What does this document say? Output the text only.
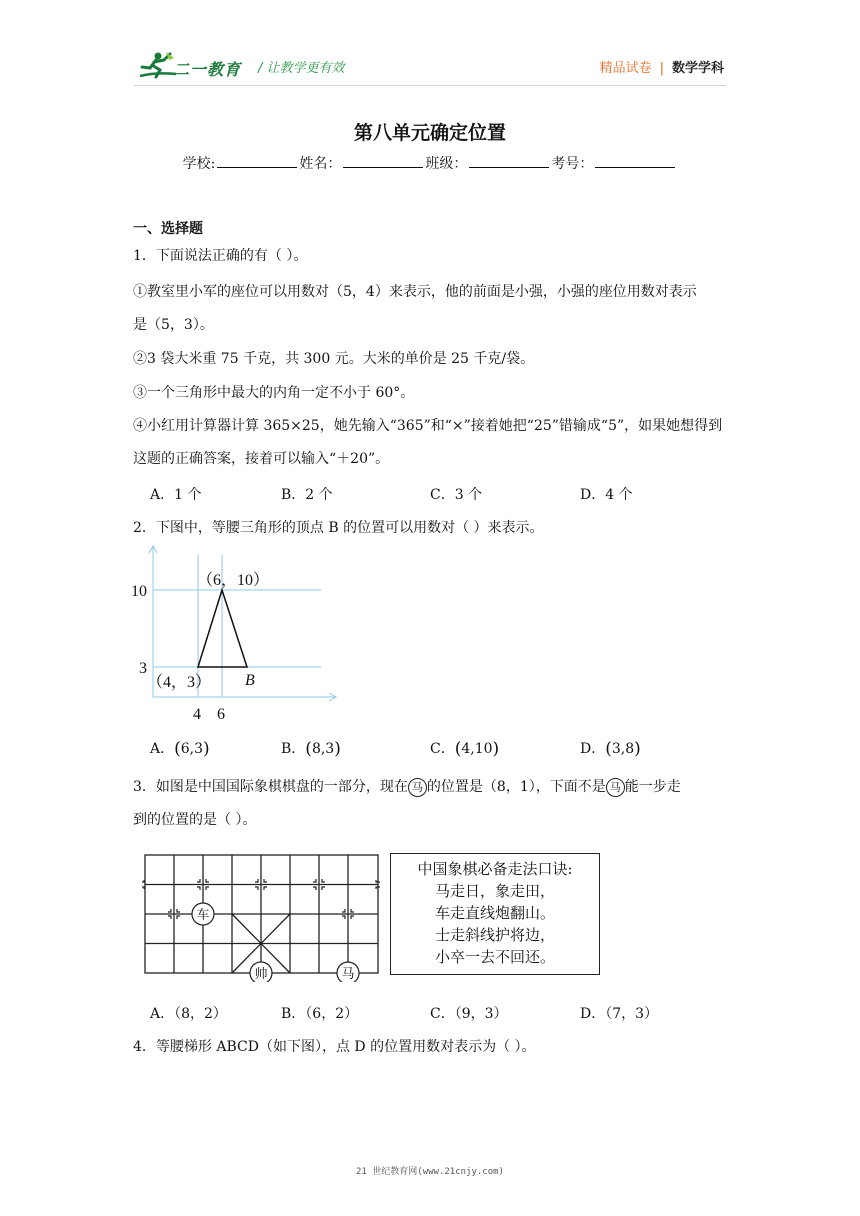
二一教育 / 让教学更有效	精品试卷 | 数学学科
第八单元确定位置
学校:	姓名：	班级：	考号：
一、选择题
1．下面说法正确的有（ ）。
①教室里小军的座位可以用数对（5，4）来表示，他的前面是小强，小强的座位用数对表示
是（5，3）。
②3 袋大米重 75 千克，共 300 元。大米的单价是 25 千克/袋。
③一个三角形中最大的内角一定不小于 60°。
④小红用计算器计算 365×25，她先输入“365”和“×”接着她把“25”错输成“5”，如果她想得到
这题的正确答案，接着可以输入“＋20”。
A．1 个	B．2 个	C．3 个	D．4 个
2．下图中，等腰三角形的顶点 B 的位置可以用数对（ ）来表示。
10
3
4 6
（6，10）
（4，3） B
A．(6,3)	B．(8,3)	C．(4,10)	D．(3,8)
3．如图是中国国际象棋棋盘的一部分，现在 马 的位置是（8，1），下面不是 马 能一步走
到的位置的是（ ）。
车
帅	马
中国象棋必备走法口诀:
马走日，象走田，
车走直线炮翻山。
士走斜线护将边，
小卒一去不回还。
A．（8，2）	B．（6，2）	C．（9，3）	D．（7，3）
4．等腰梯形 ABCD（如下图），点 D 的位置用数对表示为（ ）。
21 世纪教育网(www.21cnjy.com)
